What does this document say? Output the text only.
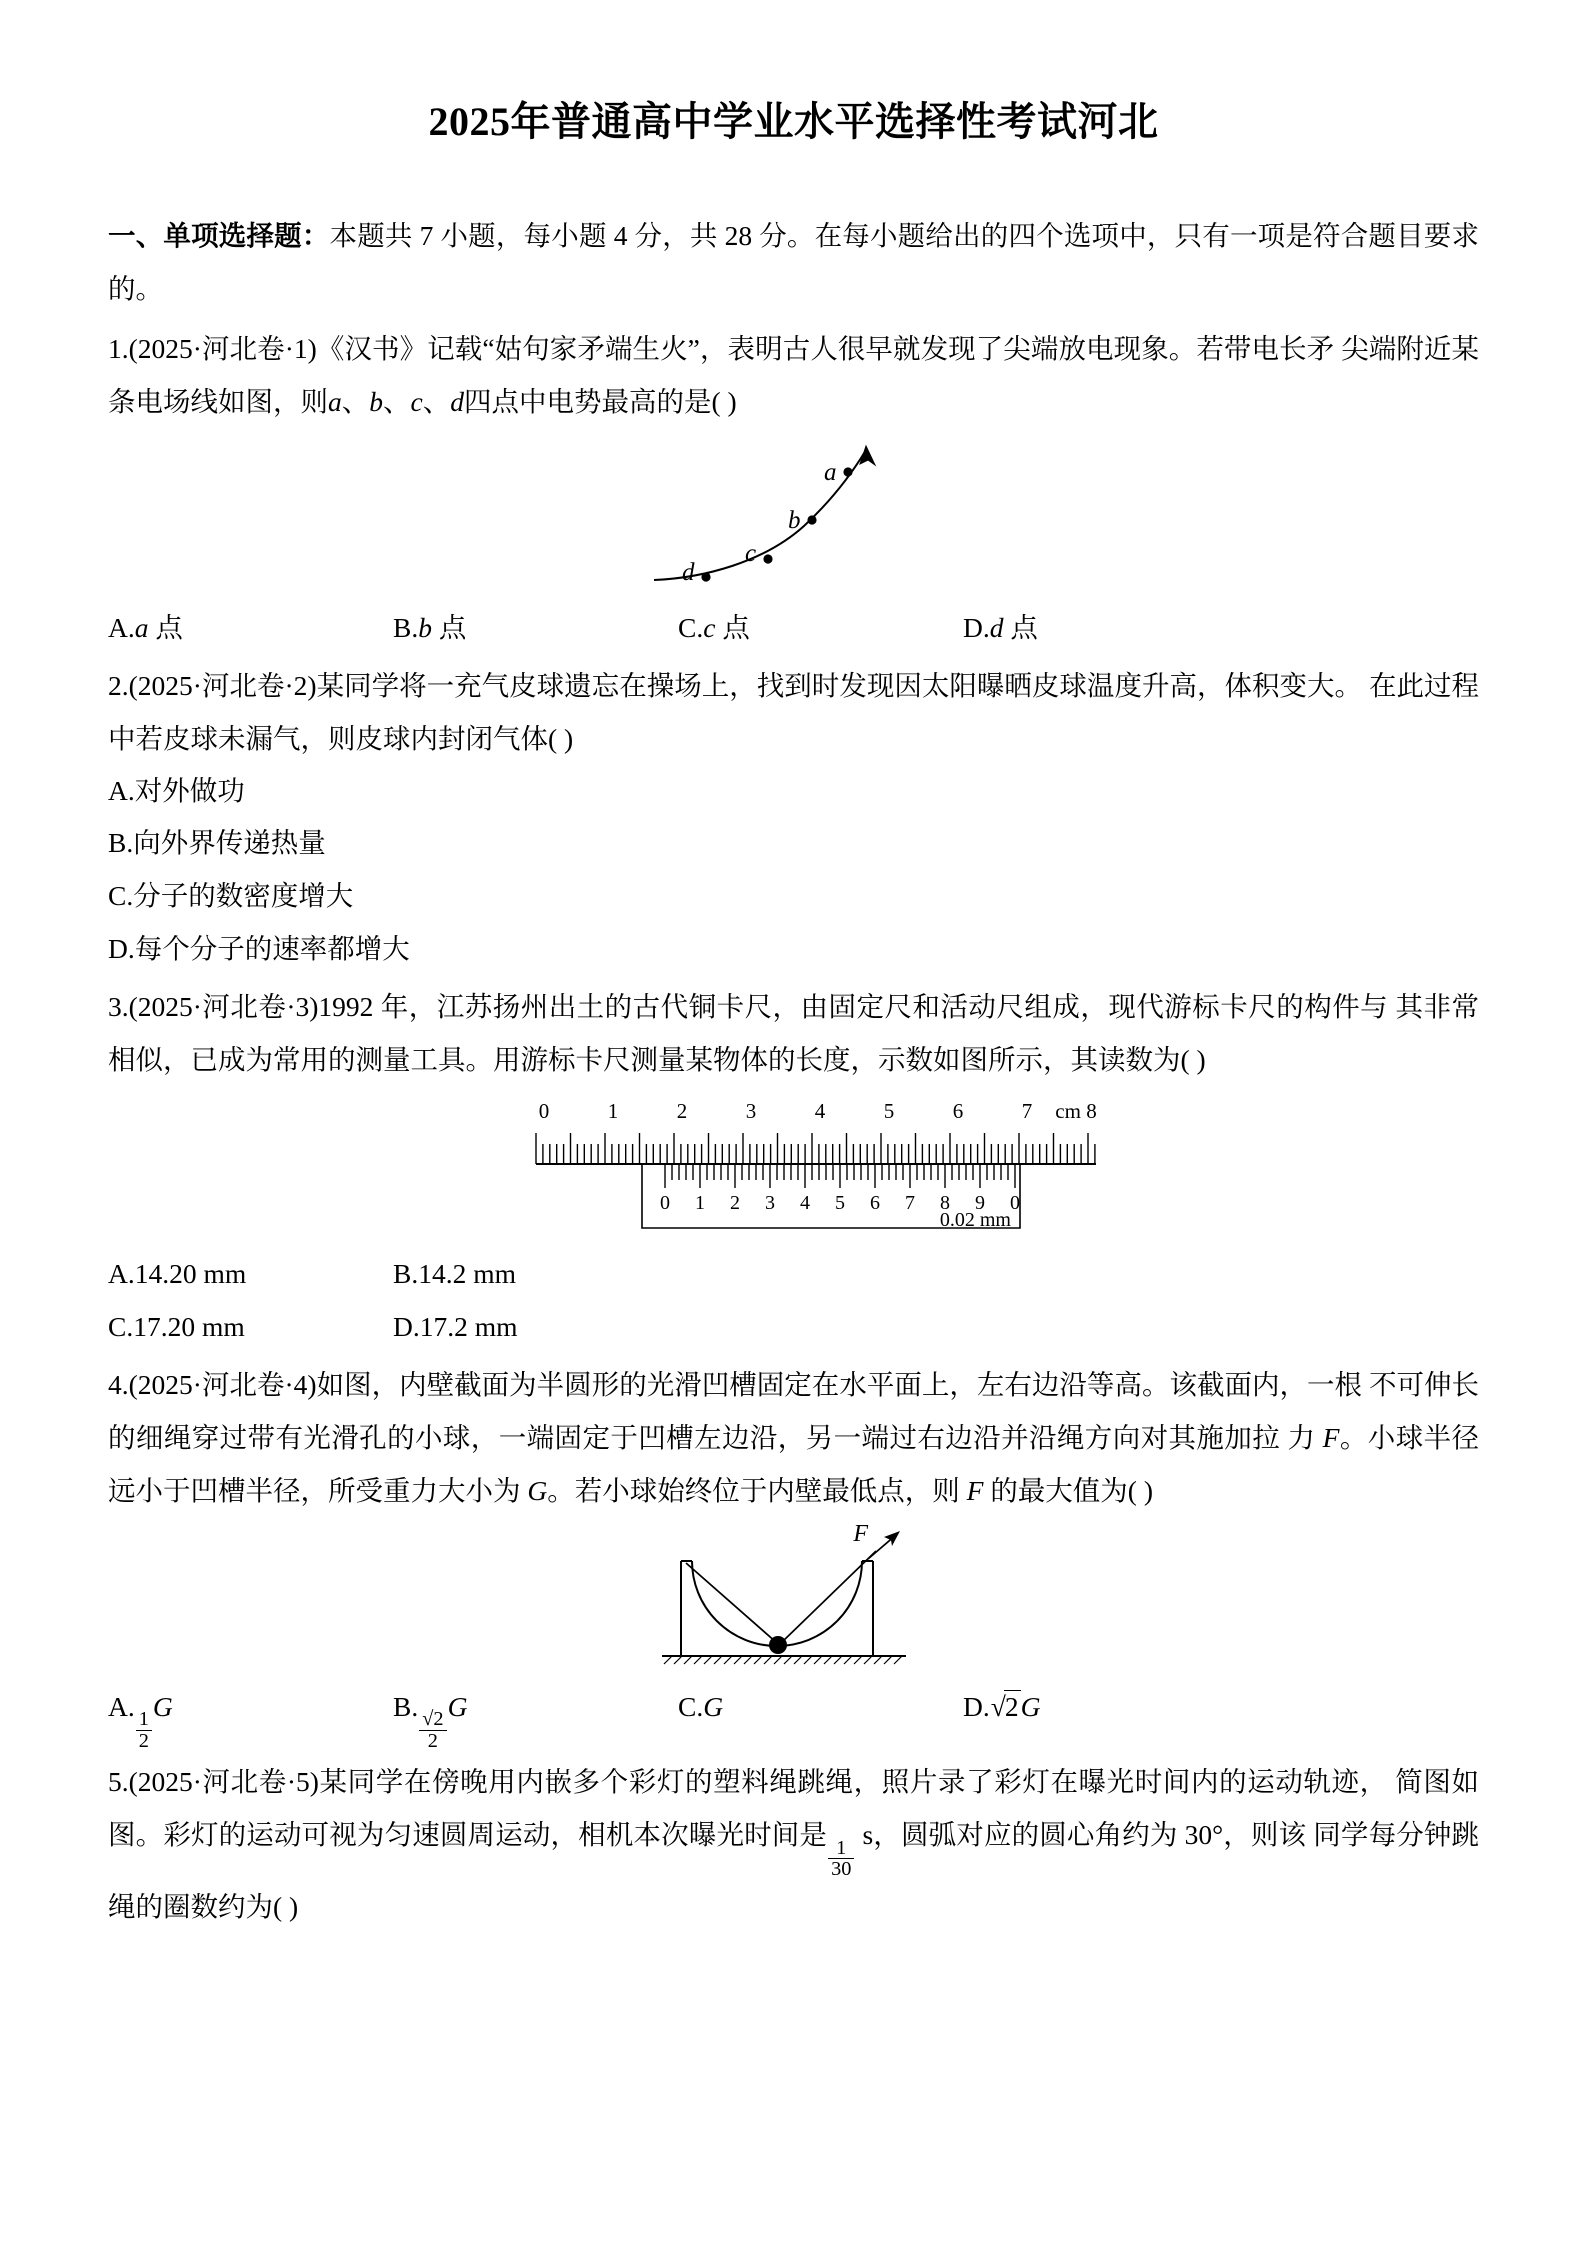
2025年普通高中学业水平选择性考试河北

一、单项选择题：本题共 7 小题，每小题 4 分，共 28 分。在每小题给出的四个选项中，只有一项是符合题目要求的。

1.(2025·河北卷·1)《汉书》记载“姑句家矛端生火”，表明古人很早就发现了尖端放电现象。若带电长矛 尖端附近某条电场线如图，则a、b、c、d四点中电势最高的是( )

a
b
c
d
A.a 点	B.b 点	C.c 点	D.d 点

2.(2025·河北卷·2)某同学将一充气皮球遗忘在操场上，找到时发现因太阳曝晒皮球温度升高，体积变大。 在此过程中若皮球未漏气，则皮球内封闭气体( )

A.对外做功
B.向外界传递热量
C.分子的数密度增大
D.每个分子的速率都增大

3.(2025·河北卷·3)1992 年，江苏扬州出土的古代铜卡尺，由固定尺和活动尺组成，现代游标卡尺的构件与 其非常相似，已成为常用的测量工具。用游标卡尺测量某物体的长度，示数如图所示，其读数为( )

0	1	2	3	4	5	6	7 cm 8
0 1 2 3 4 5 6 7 8 9 0
0.02 mm
A.14.20 mm	B.14.2 mm
C.17.20 mm	D.17.2 mm

4.(2025·河北卷·4)如图，内壁截面为半圆形的光滑凹槽固定在水平面上，左右边沿等高。该截面内，一根 不可伸长的细绳穿过带有光滑孔的小球，一端固定于凹槽左边沿，另一端过右边沿并沿绳方向对其施加拉 力 F。小球半径远小于凹槽半径，所受重力大小为 G。若小球始终位于内壁最低点，则 F 的最大值为( )

F
A.
$\frac{1}{2}$
G	B.
$\frac{√2}{2}$
G	C.G	D.√2G

5.(2025·河北卷·5)某同学在傍晚用内嵌多个彩灯的塑料绳跳绳，照片录了彩灯在曝光时间内的运动轨迹， 简图如图。彩灯的运动可视为匀速圆周运动，相机本次曝光时间是
$\frac{1}{30}$
s，圆弧对应的圆心角约为 30°，则该 同学每分钟跳绳的圈数约为( )
